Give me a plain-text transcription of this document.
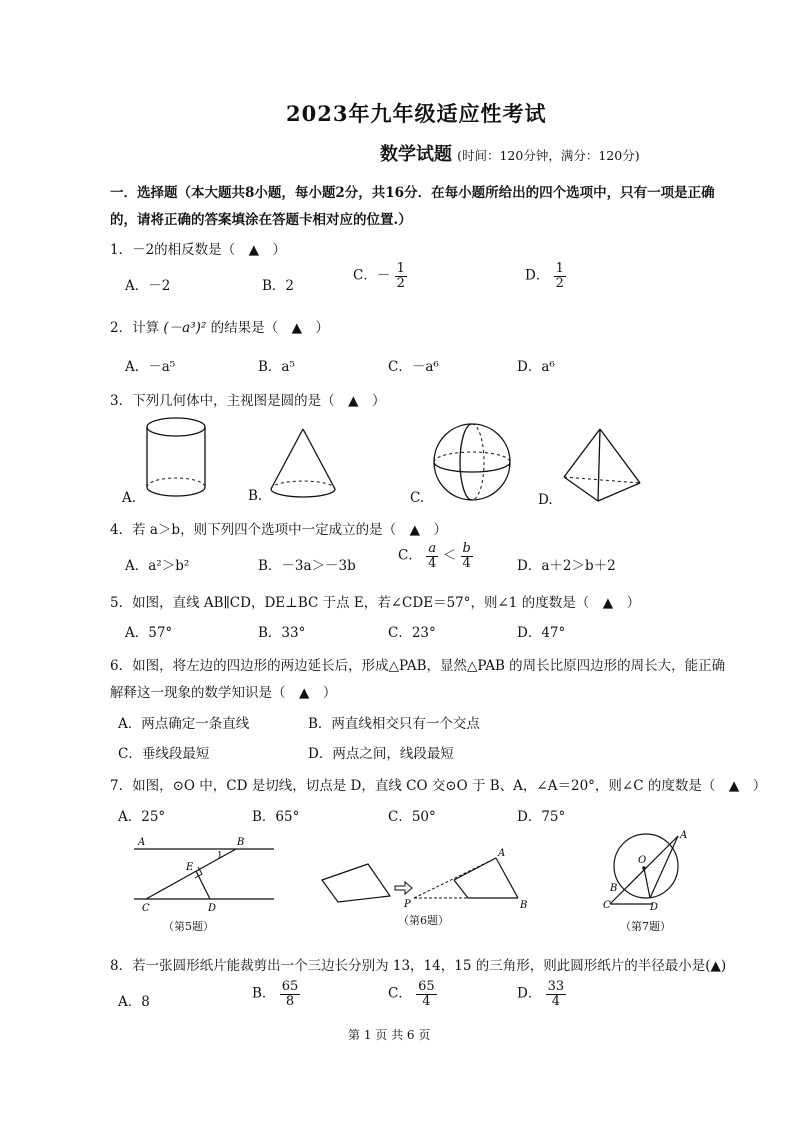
2023年九年级适应性考试
数学试题 (时间：120分钟，满分：120分)
一．选择题（本大题共8小题，每小题2分，共16分．在每小题所给出的四个选项中，只有一项是正确
的，请将正确的答案填涂在答题卡相对应的位置.）
1．－2的相反数是（　▲　）
A．－2	B．2
C．－ $\frac{1}{2}$	D． $\frac{1}{2}$
2．计算 (－a³)² 的结果是（　▲　）
A．－a⁵	B．a⁵	C．－a⁶	D．a⁶
3．下列几何体中，主视图是圆的是（　▲　）
A.	B.	C.	D.
4．若 a＞b，则下列四个选项中一定成立的是（　▲　）
A．a²＞b²	B．－3a＞－3b
C． $\frac{a}{4} < \frac{b}{4}$	D．a＋2＞b＋2
5．如图，直线 AB∥CD，DE⊥BC 于点 E，若∠CDE＝57°，则∠1 的度数是（　▲　）
A．57°	B．33°	C．23°	D．47°
6．如图，将左边的四边形的两边延长后，形成△PAB，显然△PAB 的周长比原四边形的周长大，能正确
解释这一现象的数学知识是（　▲　）
A．两点确定一条直线	B．两直线相交只有一个交点
C．垂线段最短	D．两点之间，线段最短
7．如图，⊙O 中，CD 是切线，切点是 D，直线 CO 交⊙O 于 B、A，∠A＝20°，则∠C 的度数是（　▲　）
A．25°	B．65°	C．50°	D．75°
A	B
E
1
C	D
（第5题）
A
B
P
（第6题）
A
O
B
C	D
（第7题）
8．若一张圆形纸片能裁剪出一个三边长分别为 13，14，15 的三角形，则此圆形纸片的半径最小是(▲)
A．8
B． $\frac{65}{8}$	C． $\frac{65}{4}$	D． $\frac{33}{4}$
第 1 页 共 6 页
